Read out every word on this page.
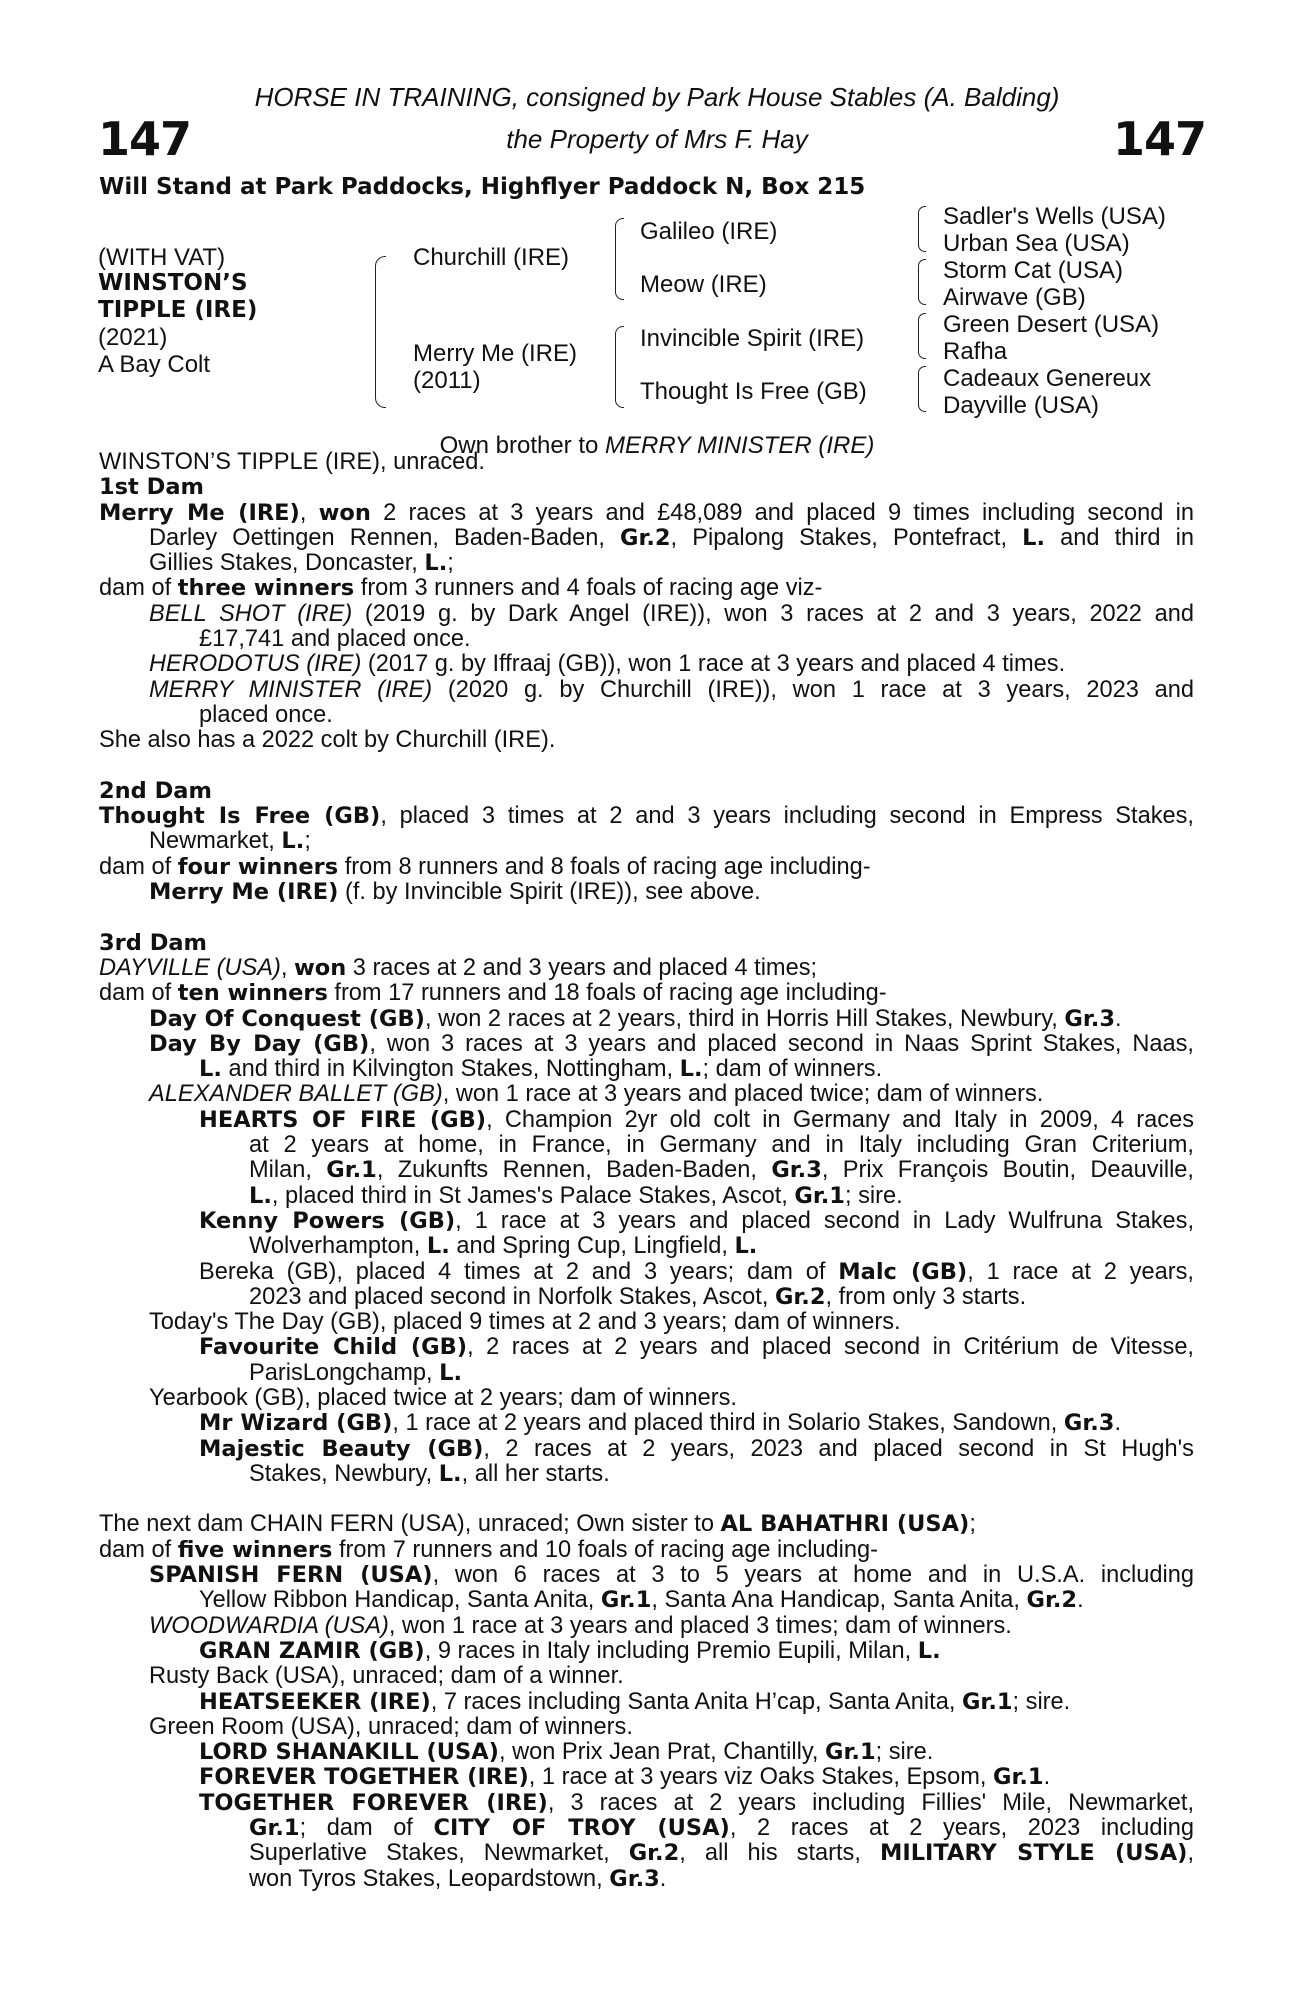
147	147
HORSE IN TRAINING, consigned by Park House Stables (A. Balding)
the Property of Mrs F. Hay
Will Stand at Park Paddocks, Highflyer Paddock N, Box 215
(WITH VAT)
WINSTON’S
TIPPLE (IRE)
(2021)
A Bay Colt
Churchill (IRE)
Merry Me (IRE)
(2011)
Galileo (IRE)
Meow (IRE)
Invincible Spirit (IRE)
Thought Is Free (GB)
Sadler's Wells (USA)
Urban Sea (USA)
Storm Cat (USA)
Airwave (GB)
Green Desert (USA)
Rafha
Cadeaux Genereux
Dayville (USA)
Own brother to MERRY MINISTER (IRE)
WINSTON’S TIPPLE (IRE), unraced.
1st Dam
Merry Me (IRE), won 2 races at 3 years and £48,089 and placed 9 times including second in
Darley Oettingen Rennen, Baden-Baden, Gr.2, Pipalong Stakes, Pontefract, L. and third in
Gillies Stakes, Doncaster, L.;
dam of three winners from 3 runners and 4 foals of racing age viz-
BELL SHOT (IRE) (2019 g. by Dark Angel (IRE)), won 3 races at 2 and 3 years, 2022 and
£17,741 and placed once.
HERODOTUS (IRE) (2017 g. by Iffraaj (GB)), won 1 race at 3 years and placed 4 times.
MERRY MINISTER (IRE) (2020 g. by Churchill (IRE)), won 1 race at 3 years, 2023 and
placed once.
She also has a 2022 colt by Churchill (IRE).
2nd Dam
Thought Is Free (GB), placed 3 times at 2 and 3 years including second in Empress Stakes,
Newmarket, L.;
dam of four winners from 8 runners and 8 foals of racing age including-
Merry Me (IRE) (f. by Invincible Spirit (IRE)), see above.
3rd Dam
DAYVILLE (USA), won 3 races at 2 and 3 years and placed 4 times;
dam of ten winners from 17 runners and 18 foals of racing age including-
Day Of Conquest (GB), won 2 races at 2 years, third in Horris Hill Stakes, Newbury, Gr.3.
Day By Day (GB), won 3 races at 3 years and placed second in Naas Sprint Stakes, Naas,
L. and third in Kilvington Stakes, Nottingham, L.; dam of winners.
ALEXANDER BALLET (GB), won 1 race at 3 years and placed twice; dam of winners.
HEARTS OF FIRE (GB), Champion 2yr old colt in Germany and Italy in 2009, 4 races
at 2 years at home, in France, in Germany and in Italy including Gran Criterium,
Milan, Gr.1, Zukunfts Rennen, Baden-Baden, Gr.3, Prix François Boutin, Deauville,
L., placed third in St James's Palace Stakes, Ascot, Gr.1; sire.
Kenny Powers (GB), 1 race at 3 years and placed second in Lady Wulfruna Stakes,
Wolverhampton, L. and Spring Cup, Lingfield, L.
Bereka (GB), placed 4 times at 2 and 3 years; dam of Malc (GB), 1 race at 2 years,
2023 and placed second in Norfolk Stakes, Ascot, Gr.2, from only 3 starts.
Today's The Day (GB), placed 9 times at 2 and 3 years; dam of winners.
Favourite Child (GB), 2 races at 2 years and placed second in Critérium de Vitesse,
ParisLongchamp, L.
Yearbook (GB), placed twice at 2 years; dam of winners.
Mr Wizard (GB), 1 race at 2 years and placed third in Solario Stakes, Sandown, Gr.3.
Majestic Beauty (GB), 2 races at 2 years, 2023 and placed second in St Hugh's
Stakes, Newbury, L., all her starts.
The next dam CHAIN FERN (USA), unraced; Own sister to AL BAHATHRI (USA);
dam of five winners from 7 runners and 10 foals of racing age including-
SPANISH FERN (USA), won 6 races at 3 to 5 years at home and in U.S.A. including
Yellow Ribbon Handicap, Santa Anita, Gr.1, Santa Ana Handicap, Santa Anita, Gr.2.
WOODWARDIA (USA), won 1 race at 3 years and placed 3 times; dam of winners.
GRAN ZAMIR (GB), 9 races in Italy including Premio Eupili, Milan, L.
Rusty Back (USA), unraced; dam of a winner.
HEATSEEKER (IRE), 7 races including Santa Anita H’cap, Santa Anita, Gr.1; sire.
Green Room (USA), unraced; dam of winners.
LORD SHANAKILL (USA), won Prix Jean Prat, Chantilly, Gr.1; sire.
FOREVER TOGETHER (IRE), 1 race at 3 years viz Oaks Stakes, Epsom, Gr.1.
TOGETHER FOREVER (IRE), 3 races at 2 years including Fillies' Mile, Newmarket,
Gr.1; dam of CITY OF TROY (USA), 2 races at 2 years, 2023 including
Superlative Stakes, Newmarket, Gr.2, all his starts, MILITARY STYLE (USA),
won Tyros Stakes, Leopardstown, Gr.3.
